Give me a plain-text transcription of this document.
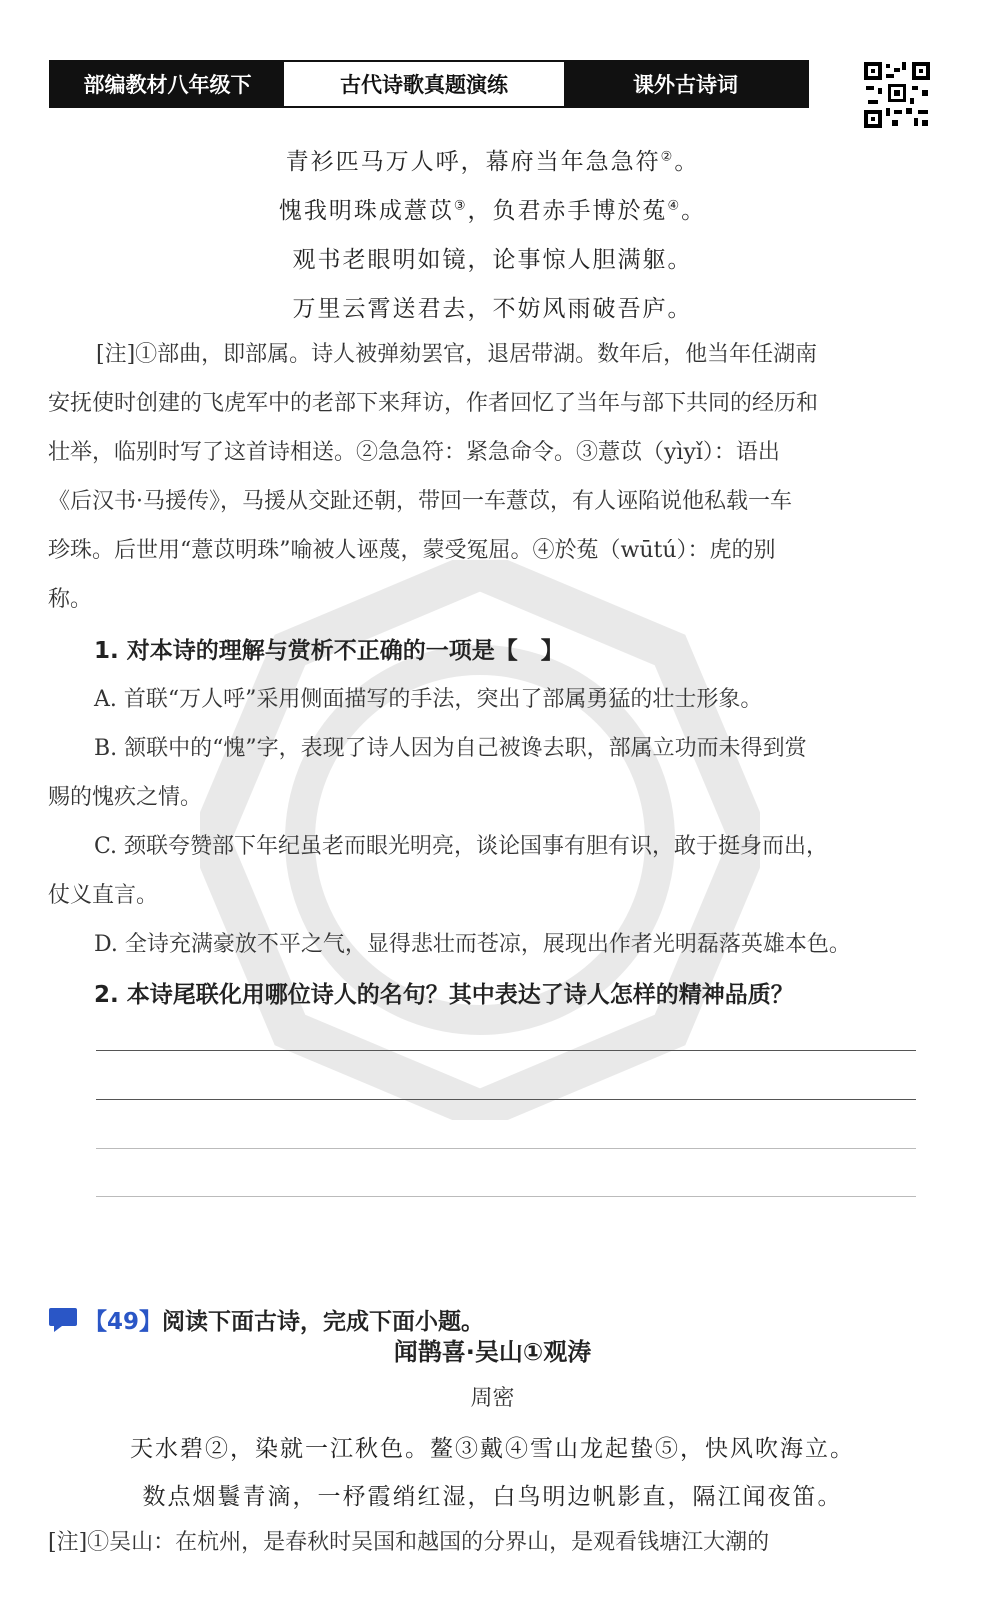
部编教材八年级下	古代诗歌真题演练	课外古诗词
青衫匹马万人呼，幕府当年急急符②。
愧我明珠成薏苡③，负君赤手博於菟④。
观书老眼明如镜，论事惊人胆满躯。
万里云霄送君去，不妨风雨破吾庐。
[注]①部曲，即部属。诗人被弹劾罢官，退居带湖。数年后，他当年任湖南
安抚使时创建的飞虎军中的老部下来拜访，作者回忆了当年与部下共同的经历和
壮举，临别时写了这首诗相送。②急急符：紧急命令。③薏苡（yìyǐ）：语出
《后汉书·马援传》，马援从交趾还朝，带回一车薏苡，有人诬陷说他私载一车
珍珠。后世用“薏苡明珠”喻被人诬蔑，蒙受冤屈。④於菟（wūtú）：虎的别
称。
1. 对本诗的理解与赏析不正确的一项是【　】
A. 首联“万人呼”采用侧面描写的手法，突出了部属勇猛的壮士形象。
B. 颔联中的“愧”字，表现了诗人因为自己被谗去职，部属立功而未得到赏
赐的愧疚之情。
C. 颈联夸赞部下年纪虽老而眼光明亮，谈论国事有胆有识，敢于挺身而出，
仗义直言。
D. 全诗充满豪放不平之气，显得悲壮而苍凉，展现出作者光明磊落英雄本色。
2. 本诗尾联化用哪位诗人的名句？其中表达了诗人怎样的精神品质？
【49】 阅读下面古诗，完成下面小题。
闻鹊喜·吴山①观涛
周密
天水碧②，染就一江秋色。鳌③戴④雪山龙起蛰⑤，快风吹海立。
数点烟鬟青滴，一杼霞绡红湿，白鸟明边帆影直，隔江闻夜笛。
[注]①吴山：在杭州，是春秋时吴国和越国的分界山，是观看钱塘江大潮的
